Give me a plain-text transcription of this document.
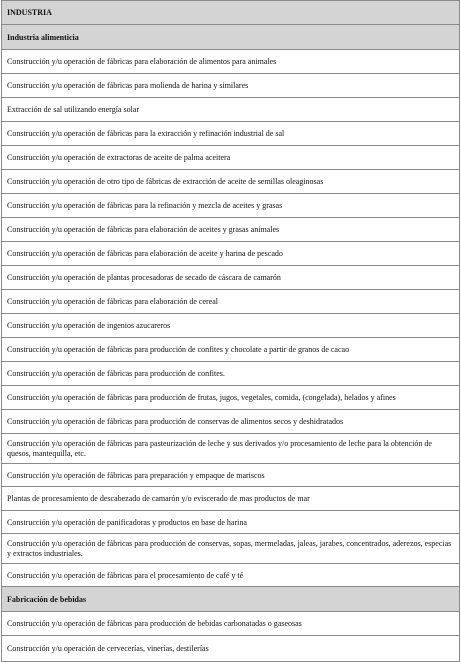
INDUSTRIA
Industria alimenticia
Construcción y/u operación de fábricas para elaboración de alimentos para animales
Construcción y/u operación de fábricas para molienda de harina y similares
Extracción de sal utilizando energía solar
Construcción y/u operación de fábricas para la extracción y refinación industrial de sal
Construcción y/u operación de extractoras de aceite de palma aceitera
Construcción y/u operación de otro tipo de fábricas de extracción de aceite de semillas oleaginosas
Construcción y/u operación de fábricas para la refinación y mezcla de aceites y grasas
Construcción y/u operación de fábricas para elaboración de aceites y grasas animales
Construcción y/u operación de fábricas para elaboración de aceite y harina de pescado
Construcción y/u operación de plantas procesadoras de secado de cáscara de camarón
Construcción y/u operación de fábricas para elaboración de cereal
Construcción y/u operación de ingenios azucareros
Construcción y/u operación de fábricas para producción de confites y chocolate a partir de granos de cacao
Construcción y/u operación de fábricas para producción de confites.
Construcción y/u operación de fábricas para producción de frutas, jugos, vegetales, comida, (congelada), helados y afines
Construcción y/u operación de fábricas para producción de conservas de alimentos secos y deshidratados
Construcción y/u operación de fábricas para pasteurización de leche y sus derivados y/o procesamiento de leche para la obtención de quesos, mantequilla, etc.
Construcción y/u operación de fábricas para preparación y empaque de mariscos
Plantas de procesamiento de descabezado de camarón y/o eviscerado de mas productos de mar
Construcción y/u operación de panificadoras y productos en base de harina
Construcción y/u operación de fábricas para producción de conservas, sopas, mermeladas, jaleas, jarabes, concentrados, aderezos, especias y extractos industriales.
Construcción y/u operación de fábricas para el procesamiento de café y té
Fabricación de bebidas
Construcción y/u operación de fábricas para producción de bebidas carbonatadas o gaseosas
Construcción y/u operación de cervecerías, vinerías, destilerías
